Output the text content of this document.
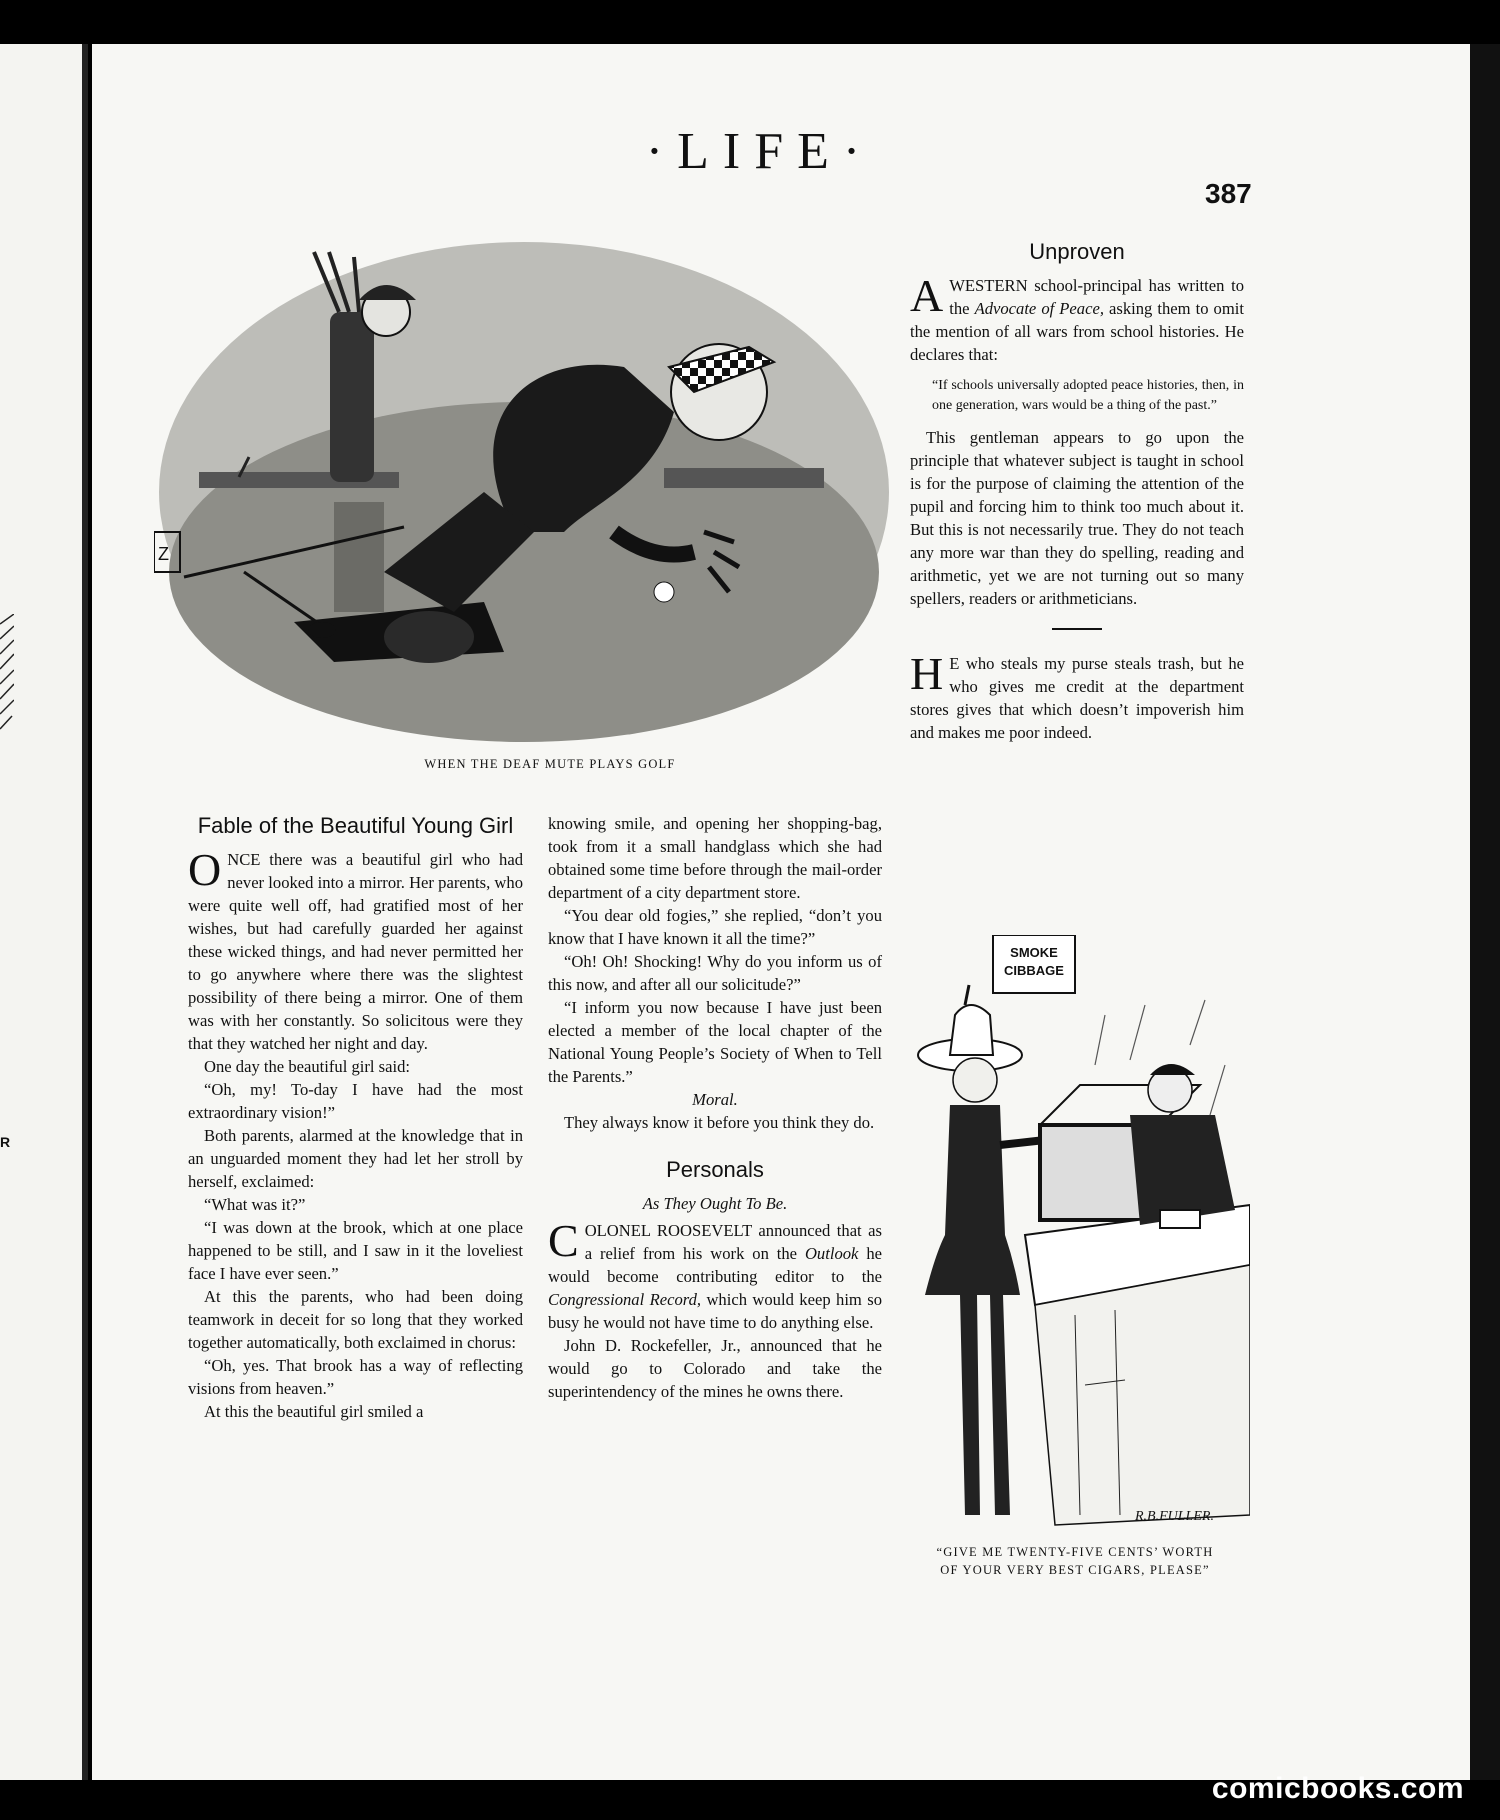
R
·LIFE·
387
Z
WHEN THE DEAF MUTE PLAYS GOLF
Unproven

AWESTERN school-principal has written to the Advocate of Peace, asking them to omit the mention of all wars from school histories. He declares that:

“If schools universally adopted peace histories, then, in one generation, wars would be a thing of the past.”

This gentleman appears to go upon the principle that whatever subject is taught in school is for the purpose of claiming the attention of the pupil and forcing him to think too much about it. But this is not necessarily true. They do not teach any more war than they do spelling, reading and arithmetic, yet we are not turning out so many spellers, readers or arithmeticians.

H E who steals my purse steals trash, but he who gives me credit at the department stores gives that which doesn’t impoverish him and makes me poor indeed.

Fable of the Beautiful Young Girl

ONCE there was a beautiful girl who had never looked into a mirror. Her parents, who were quite well off, had gratified most of her wishes, but had carefully guarded her against these wicked things, and had never permitted her to go anywhere where there was the slightest possibility of there being a mirror. One of them was with her constantly. So solicitous were they that they watched her night and day.

One day the beautiful girl said:

“Oh, my! To-day I have had the most extraordinary vision!”

Both parents, alarmed at the knowledge that in an unguarded moment they had let her stroll by herself, exclaimed:

“What was it?”

“I was down at the brook, which at one place happened to be still, and I saw in it the loveliest face I have ever seen.”

At this the parents, who had been doing teamwork in deceit for so long that they worked together automatically, both exclaimed in chorus:

“Oh, yes. That brook has a way of reflecting visions from heaven.”

At this the beautiful girl smiled a

knowing smile, and opening her shopping-bag, took from it a small handglass which she had obtained some time before through the mail-order department of a city department store.

“You dear old fogies,” she replied, “don’t you know that I have known it all the time?”

“Oh! Oh! Shocking! Why do you inform us of this now, and after all our solicitude?”

“I inform you now because I have just been elected a member of the local chapter of the National Young People’s Society of When to Tell the Parents.”

Moral.

They always know it before you think they do.

Personals
As They Ought To Be.

COLONEL ROOSEVELT announced that as a relief from his work on the Outlook he would become contributing editor to the Congressional Record, which would keep him so busy he would not have time to do anything else.

John D. Rockefeller, Jr., announced that he would go to Colorado and take the superintendency of the mines he owns there.

SMOKE
CIBBAGE
R.B.FULLER.
“GIVE ME TWENTY-FIVE CENTS’ WORTH
OF YOUR VERY BEST CIGARS, PLEASE”
comicbooks.com
